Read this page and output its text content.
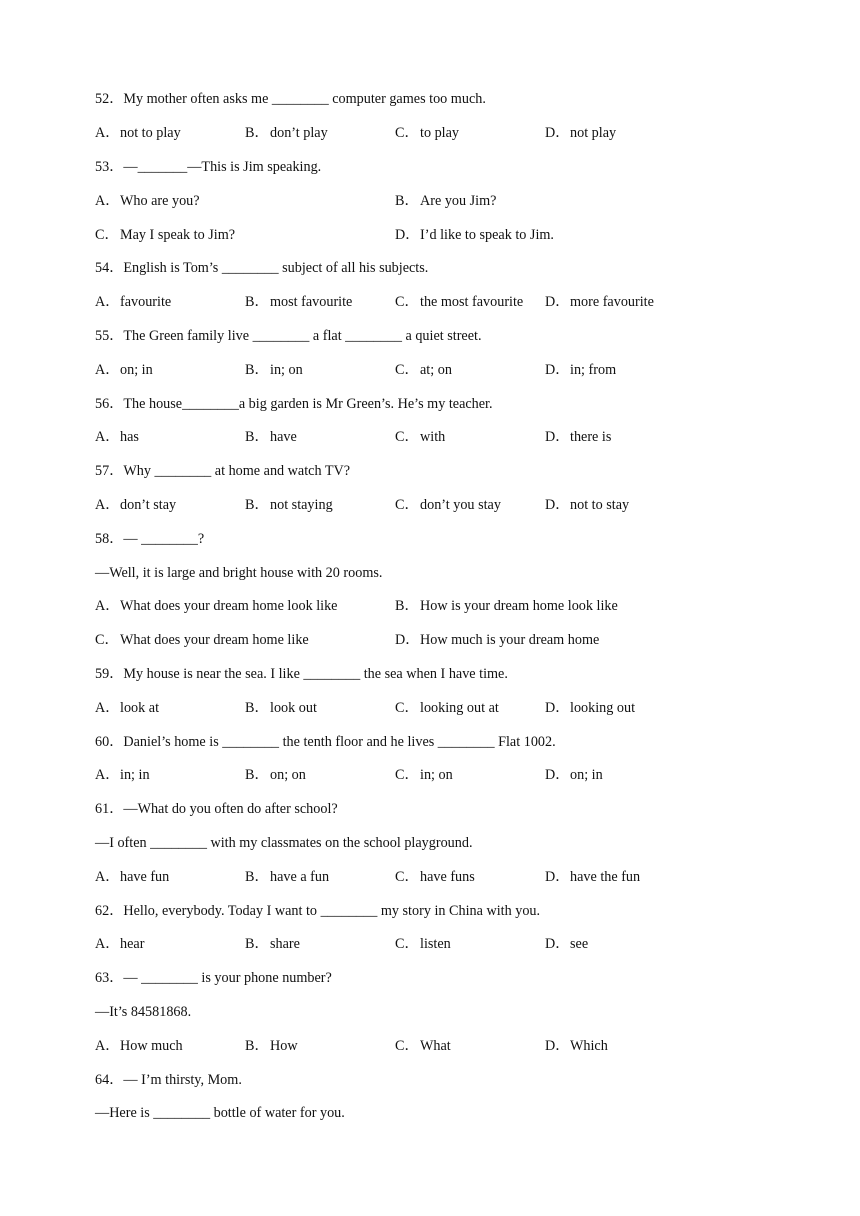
52．My mother often asks me ________ computer games too much.

A．not to play

	B．don’t play

	C．to play

	D．not play

53．—_______—This is Jim speaking.

A．Who are you?

	B．Are you Jim?

C．May I speak to Jim?

	D．I’d like to speak to Jim.

54．English is Tom’s ________ subject of all his subjects.

A．favourite

	B．most favourite

	C．the most favourite

D．more favourite

55．The Green family live ________ a flat ________ a quiet street.

A．on; in

	B．in; on

	C．at; on

	D．in; from

56．The house________a big garden is Mr Green’s. He’s my teacher.

A．has

	B．have

	C．with

	D．there is

57．Why ________ at home and watch TV?

A．don’t stay

	B．not staying

	C．don’t you stay

	D．not to stay

58．— ________?
—Well, it is large and bright house with 20 rooms.

A．What does your dream home look like

	B．How is your dream home look like

C．What does your dream home like

	D．How much is your dream home

59．My house is near the sea. I like ________ the sea when I have time.

A．look at

	B．look out

	C．looking out at

	D．looking out

60．Daniel’s home is ________ the tenth floor and he lives ________ Flat 1002.

A．in; in

	B．on; on

	C．in; on

	D．on; in

61．—What do you often do after school?
—I often ________ with my classmates on the school playground.

A．have fun

	B．have a fun

	C．have funs

	D．have the fun

62．Hello, everybody. Today I want to ________ my story in China with you.

A．hear

	B．share

	C．listen

	D．see

63．— ________ is your phone number?
—It’s 84581868.

A．How much

	B．How

	C．What

	D．Which

64．— I’m thirsty, Mom.
—Here is ________ bottle of water for you.
